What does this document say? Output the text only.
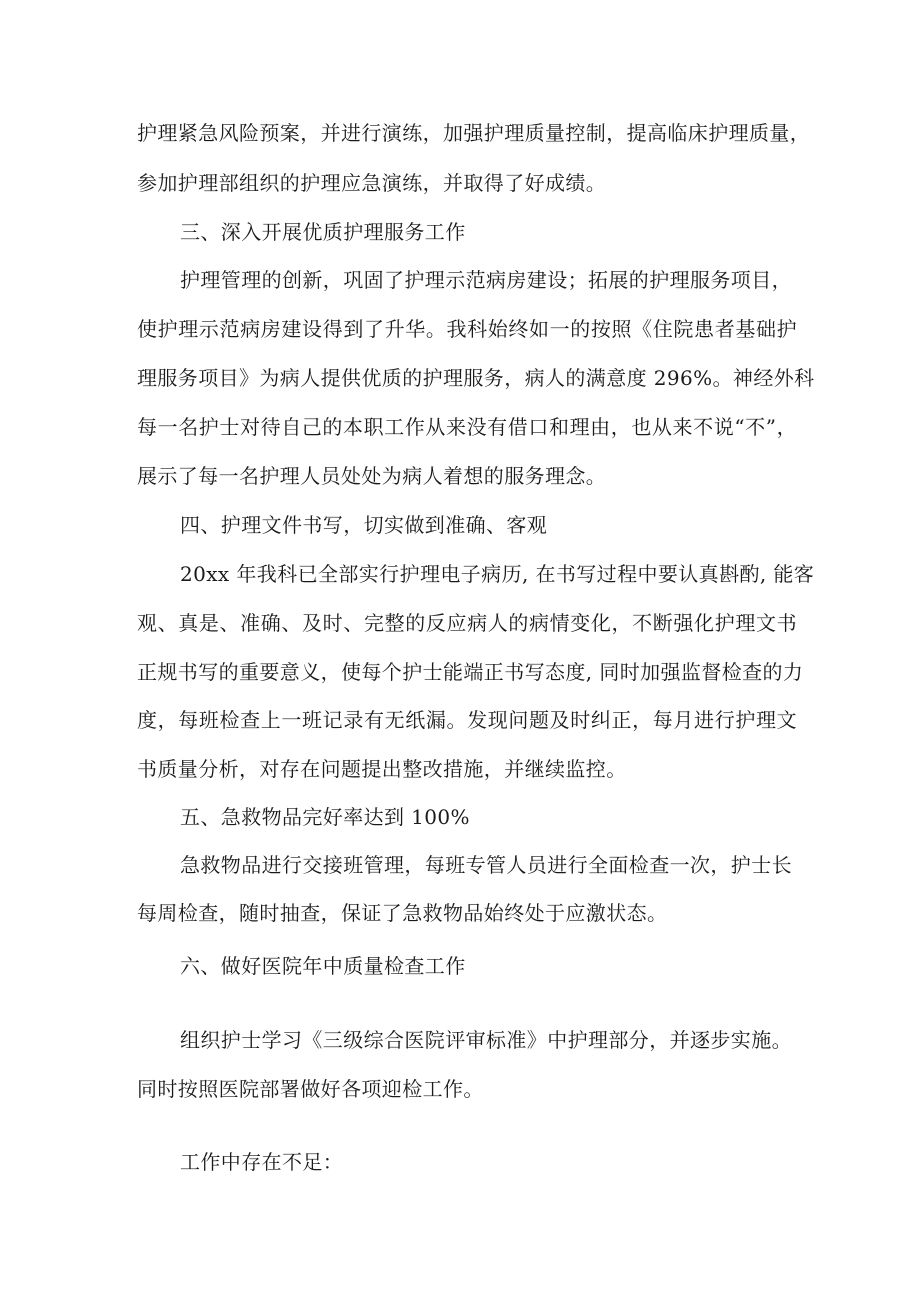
护理紧急风险预案，并进行演练，加强护理质量控制，提高临床护理质量，
参加护理部组织的护理应急演练，并取得了好成绩。
三、深入开展优质护理服务工作
护理管理的创新，巩固了护理示范病房建设；拓展的护理服务项目，
使护理示范病房建设得到了升华。我科始终如一的按照《住院患者基础护
理服务项目》为病人提供优质的护理服务，病人的满意度 296%。神经外科
每一名护士对待自己的本职工作从来没有借口和理由，也从来不说“不”，
展示了每一名护理人员处处为病人着想的服务理念。
四、护理文件书写，切实做到准确、客观
20xx 年我科已全部实行护理电子病历, 在书写过程中要认真斟酌, 能客
观、真是、准确、及时、完整的反应病人的病情变化，不断强化护理文书
正规书写的重要意义，使每个护士能端正书写态度, 同时加强监督检查的力
度，每班检查上一班记录有无纸漏。发现问题及时纠正，每月进行护理文
书质量分析，对存在问题提出整改措施，并继续监控。
五、急救物品完好率达到 100%
急救物品进行交接班管理，每班专管人员进行全面检查一次，护士长
每周检查，随时抽查，保证了急救物品始终处于应激状态。
六、做好医院年中质量检查工作
组织护士学习《三级综合医院评审标准》中护理部分，并逐步实施。
同时按照医院部署做好各项迎检工作。
工作中存在不足：
